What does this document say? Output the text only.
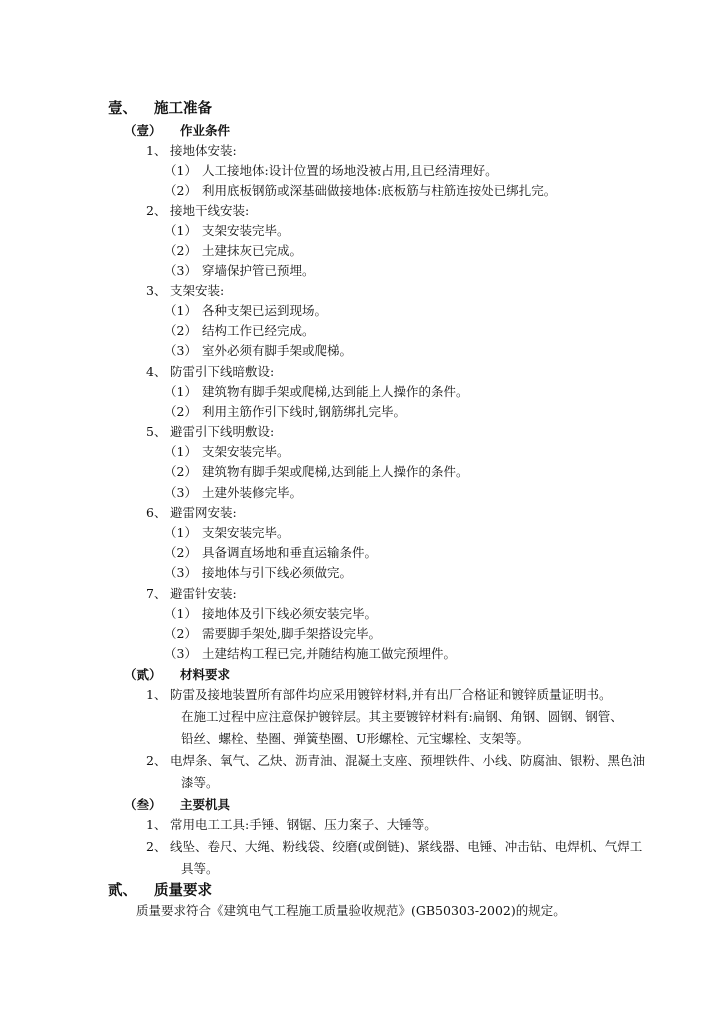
壹、 施工准备
（壹） 作业条件
1、 接地体安装:
（1） 人工接地体:设计位置的场地没被占用,且已经清理好。
（2） 利用底板钢筋或深基础做接地体:底板筋与柱筋连按处已绑扎完。
2、 接地干线安装:
（1） 支架安装完毕。
（2） 土建抹灰已完成。
（3） 穿墙保护管已预埋。
3、 支架安装:
（1） 各种支架已运到现场。
（2） 结构工作已经完成。
（3） 室外必须有脚手架或爬梯。
4、 防雷引下线暗敷设:
（1） 建筑物有脚手架或爬梯,达到能上人操作的条件。
（2） 利用主筋作引下线时,钢筋绑扎完毕。
5、 避雷引下线明敷设:
（1） 支架安装完毕。
（2） 建筑物有脚手架或爬梯,达到能上人操作的条件。
（3） 土建外装修完毕。
6、 避雷网安装:
（1） 支架安装完毕。
（2） 具备调直场地和垂直运输条件。
（3） 接地体与引下线必须做完。
7、 避雷针安装:
（1） 接地体及引下线必须安装完毕。
（2） 需要脚手架处,脚手架搭设完毕。
（3） 土建结构工程已完,并随结构施工做完预埋件。
（贰） 材料要求
1、 防雷及接地装置所有部件均应采用镀锌材料,并有出厂合格证和镀锌质量证明书。
在施工过程中应注意保护镀锌层。其主要镀锌材料有:扁钢、角钢、圆钢、钢管、
铅丝、螺栓、垫圈、弹簧垫圈、U形螺栓、元宝螺栓、支架等。
2、 电焊条、氧气、乙炔、沥青油、混凝土支座、预埋铁件、小线、防腐油、银粉、黑色油
漆等。
（叁） 主要机具
1、 常用电工工具:手锤、钢锯、压力案子、大锤等。
2、 线坠、卷尺、大绳、粉线袋、绞磨(或倒链)、紧线器、电锤、冲击钻、电焊机、气焊工
具等。
贰、 质量要求
质量要求符合《建筑电气工程施工质量验收规范》(GB50303-2002)的规定。
